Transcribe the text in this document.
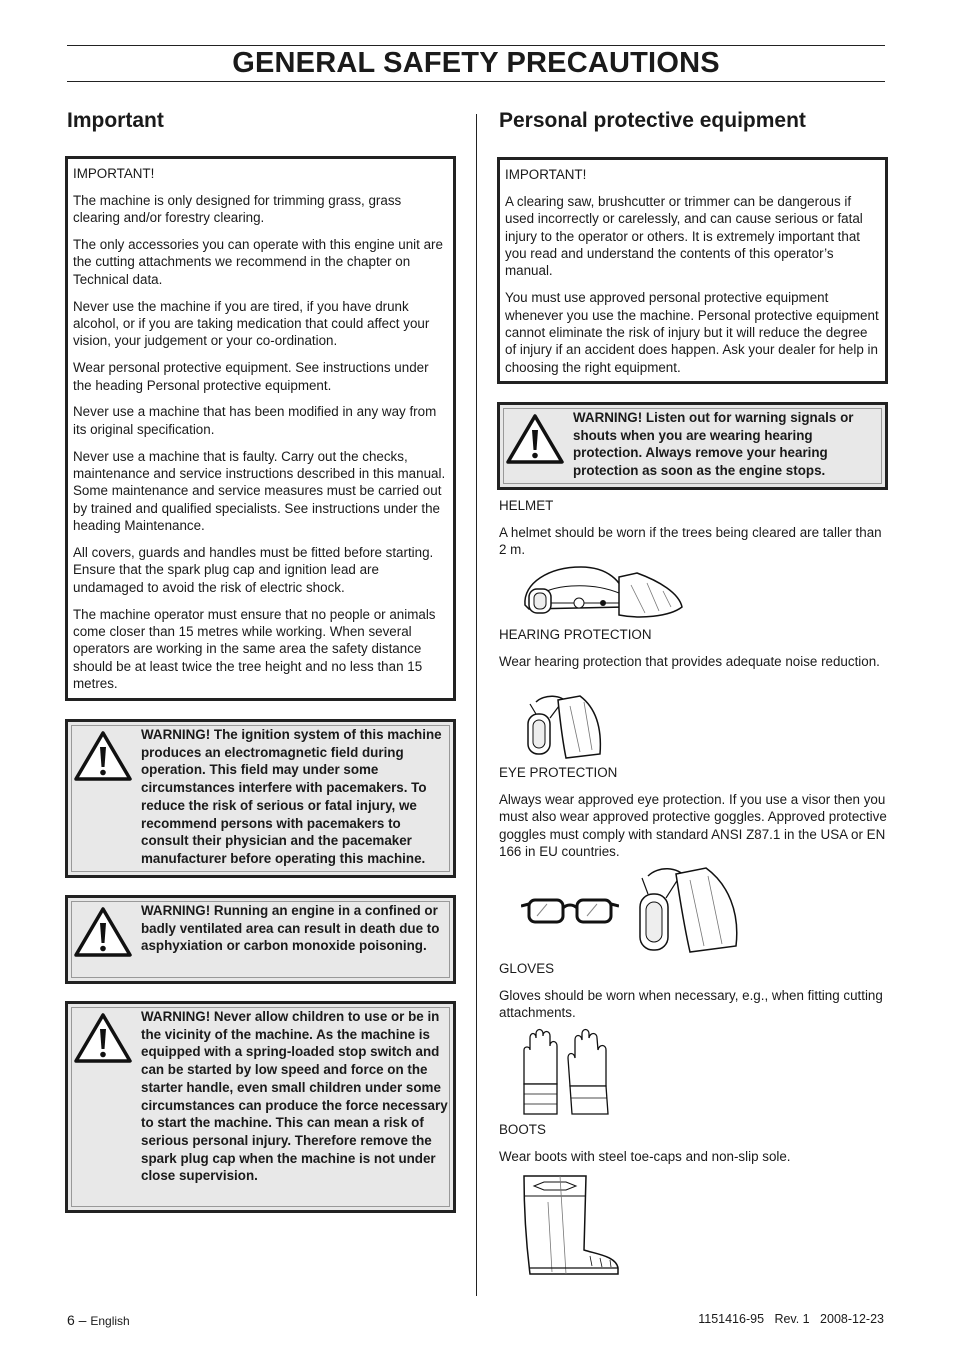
GENERAL SAFETY PRECAUTIONS
Important

IMPORTANT!

The machine is only designed for trimming grass, grass clearing and/or forestry clearing.

The only accessories you can operate with this engine unit are the cutting attachments we recommend in the chapter on Technical data.

Never use the machine if you are tired, if you have drunk alcohol, or if you are taking medication that could affect your vision, your judgement or your co-ordination.

Wear personal protective equipment. See instructions under the heading Personal protective equipment.

Never use a machine that has been modified in any way from its original specification.

Never use a machine that is faulty. Carry out the checks, maintenance and service instructions described in this manual. Some maintenance and service measures must be carried out by trained and qualified specialists. See instructions under the heading Maintenance.

All covers, guards and handles must be fitted before starting. Ensure that the spark plug cap and ignition lead are undamaged to avoid the risk of electric shock.

The machine operator must ensure that no people or animals come closer than 15 metres while working. When several operators are working in the same area the safety distance should be at least twice the tree height and no less than 15 metres.

WARNING! The ignition system of this machine produces an electromagnetic field during operation. This field may under some circumstances interfere with pacemakers. To reduce the risk of serious or fatal injury, we recommend persons with pacemakers to consult their physician and the pacemaker manufacturer before operating this machine.
WARNING! Running an engine in a confined or badly ventilated area can result in death due to asphyxiation or carbon monoxide poisoning.
WARNING! Never allow children to use or be in the vicinity of the machine. As the machine is equipped with a spring-loaded stop switch and can be started by low speed and force on the starter handle, even small children under some circumstances can produce the force necessary to start the machine. This can mean a risk of serious personal injury. Therefore remove the spark plug cap when the machine is not under close supervision.
Personal protective equipment

IMPORTANT!

A clearing saw, brushcutter or trimmer can be dangerous if used incorrectly or carelessly, and can cause serious or fatal injury to the operator or others. It is extremely important that you read and understand the contents of this operator’s manual.

You must use approved personal protective equipment whenever you use the machine. Personal protective equipment cannot eliminate the risk of injury but it will reduce the degree of injury if an accident does happen. Ask your dealer for help in choosing the right equipment.

WARNING! Listen out for warning signals or shouts when you are wearing hearing protection. Always remove your hearing protection as soon as the engine stops.
HELMET
A helmet should be worn if the trees being cleared are taller than 2 m.
HEARING PROTECTION
Wear hearing protection that provides adequate noise reduction.
EYE PROTECTION
Always wear approved eye protection. If you use a visor then you must also wear approved protective goggles. Approved protective goggles must comply with standard ANSI Z87.1 in the USA or EN 166 in EU countries.
GLOVES
Gloves should be worn when necessary, e.g., when fitting cutting attachments.
BOOTS
Wear boots with steel toe-caps and non-slip sole.
6 – English	1151416-95   Rev. 1   2008-12-23
